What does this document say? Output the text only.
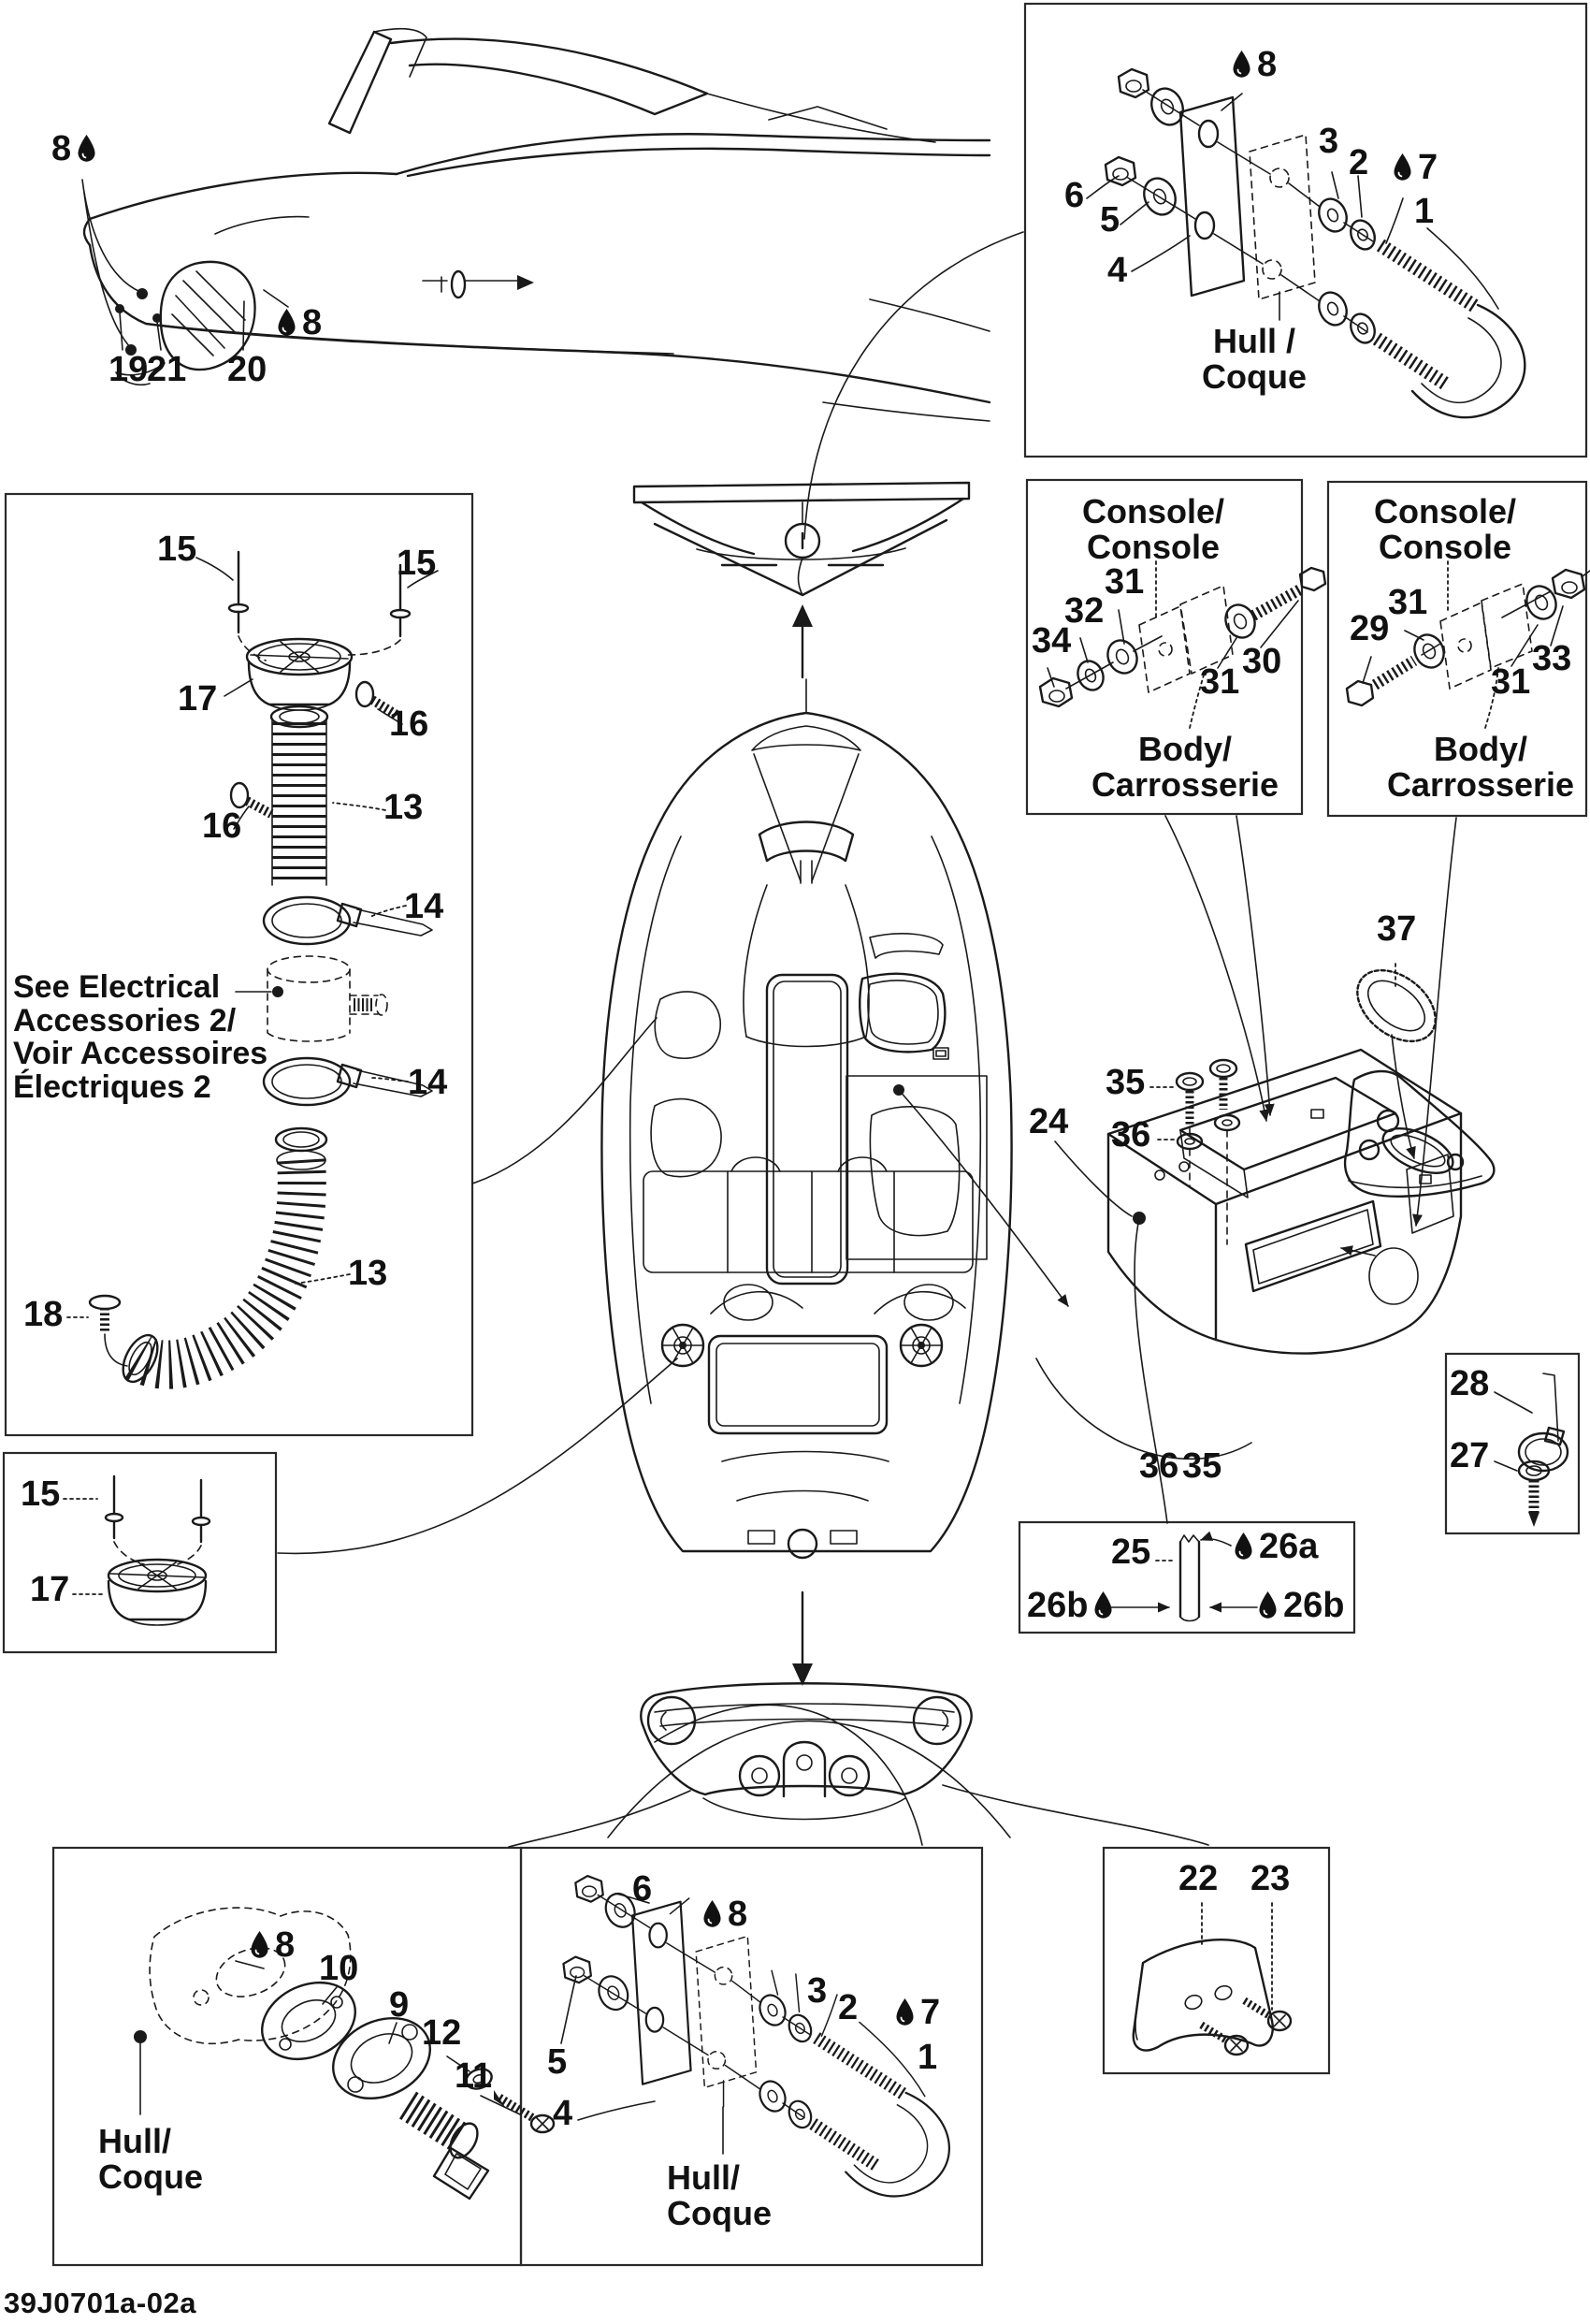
8
19
21 20
8
8
3
2 7
1
6
5
4
Hull /
Coque
15	15
17
16
16	13
14
See Electrical
Accessories 2/
Voir Accessoires
Électriques 2	14
13
18
15
17
Console/
Console
31
32
34
30
31
Body/
Carrosserie
Console/
Console
31
29
31
33
Body/
Carrosserie
37
35
36
24
36 35
25	26a
26b	26b
28
27
8
10
9
12
11
Hull/
Coque
6
8
3 2 7
1
5
4
Hull/
Coque
22 23
39J0701a-02a
